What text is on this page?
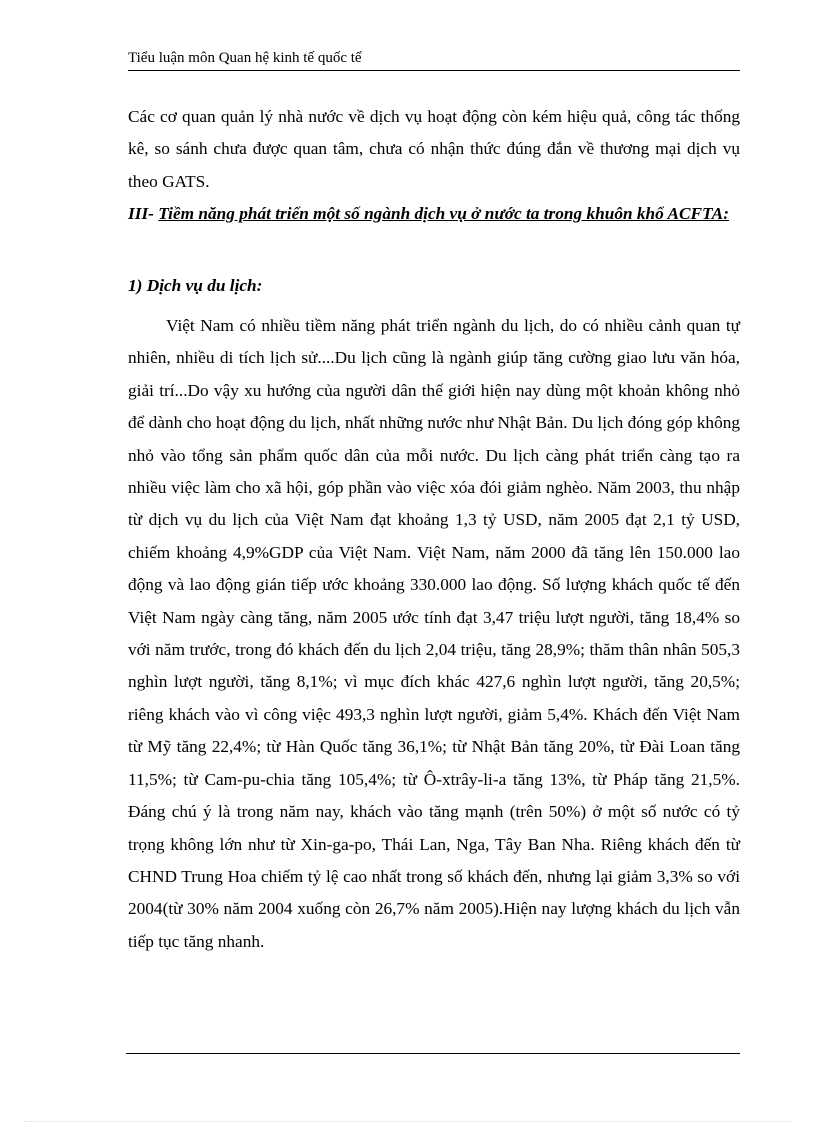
Tiểu luận môn Quan hệ kinh tế quốc tế
Các cơ quan quản lý nhà nước về dịch vụ hoạt động còn kém hiệu quả, công tác thống kê, so sánh chưa được quan tâm, chưa có nhận thức đúng đắn về thương mại dịch vụ theo GATS.
III- Tiềm năng phát triển một số ngành dịch vụ ở nước ta trong khuôn khổ ACFTA:
1) Dịch vụ du lịch:
Việt Nam có nhiều tiềm năng phát triển ngành du lịch, do có nhiều cảnh quan tự nhiên, nhiều di tích lịch sử....Du lịch cũng là ngành giúp tăng cường giao lưu văn hóa, giải trí...Do vậy xu hướng của người dân thế giới hiện nay dùng một khoản không nhỏ để dành cho hoạt động du lịch, nhất những nước như Nhật Bản. Du lịch đóng góp không nhỏ vào tổng sản phẩm quốc dân của mỗi nước. Du lịch càng phát triển càng tạo ra nhiều việc làm cho xã hội, góp phần vào việc xóa đói giảm nghèo. Năm 2003, thu nhập từ dịch vụ du lịch của Việt Nam đạt khoảng 1,3 tỷ USD, năm 2005 đạt 2,1 tỷ USD, chiếm khoảng 4,9%GDP của Việt Nam. Việt Nam, năm 2000 đã tăng lên 150.000 lao động và lao động gián tiếp ước khoảng 330.000 lao động. Số lượng khách quốc tế đến Việt Nam ngày càng tăng, năm 2005 ước tính đạt 3,47 triệu lượt người, tăng 18,4% so với năm trước, trong đó khách đến du lịch 2,04 triệu, tăng 28,9%; thăm thân nhân 505,3 nghìn lượt người, tăng 8,1%; vì mục đích khác 427,6 nghìn lượt người, tăng 20,5%; riêng khách vào vì công việc 493,3 nghìn lượt người, giảm 5,4%. Khách đến Việt Nam từ Mỹ tăng 22,4%; từ Hàn Quốc tăng 36,1%; từ Nhật Bản tăng 20%, từ Đài Loan tăng 11,5%; từ Cam-pu-chia tăng 105,4%; từ Ô-xtrây-li-a tăng 13%, từ Pháp tăng 21,5%. Đáng chú ý là trong năm nay, khách vào tăng mạnh (trên 50%) ở một số nước có tỷ trọng không lớn như từ Xin-ga-po, Thái Lan, Nga, Tây Ban Nha. Riêng khách đến từ CHND Trung Hoa chiếm tỷ lệ cao nhất trong số khách đến, nhưng lại giảm 3,3% so với 2004(từ 30% năm 2004 xuống còn 26,7% năm 2005).Hiện nay lượng khách du lịch vẫn tiếp tục tăng nhanh.
